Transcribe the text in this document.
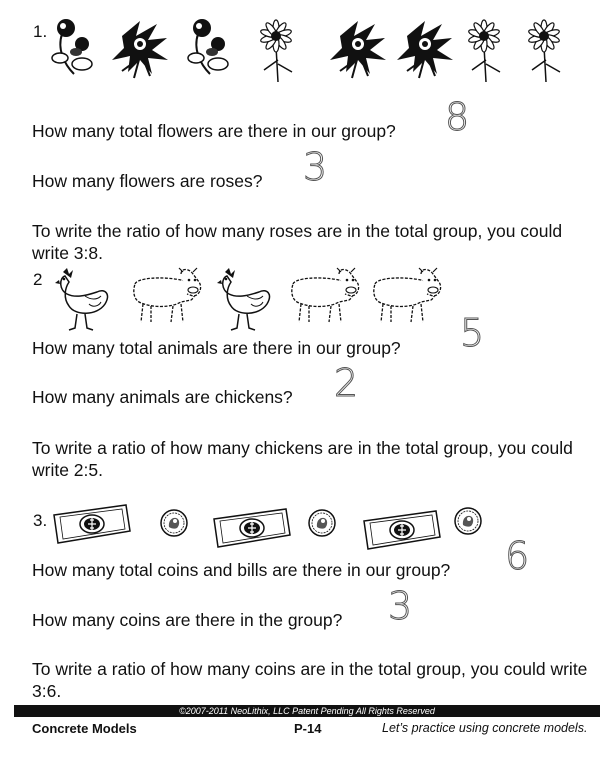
1.
How many total flowers are there in our group? 8
How many flowers are roses? 3
To write the ratio of how many roses are in the total group, you could write 3:8.
2
How many total animals are there in our group? 5
How many animals are chickens? 2
To write a ratio of how many chickens are in the total group, you could write 2:5.
3.
How many total coins and bills are there in our group? 6
How many coins are there in the group? 3
To write a ratio of how many coins are in the total group, you could write 3:6.
©2007-2011 NeoLithix, LLC Patent Pending All Rights Reserved
Concrete Models	P-14	Let’s practice using concrete models.
